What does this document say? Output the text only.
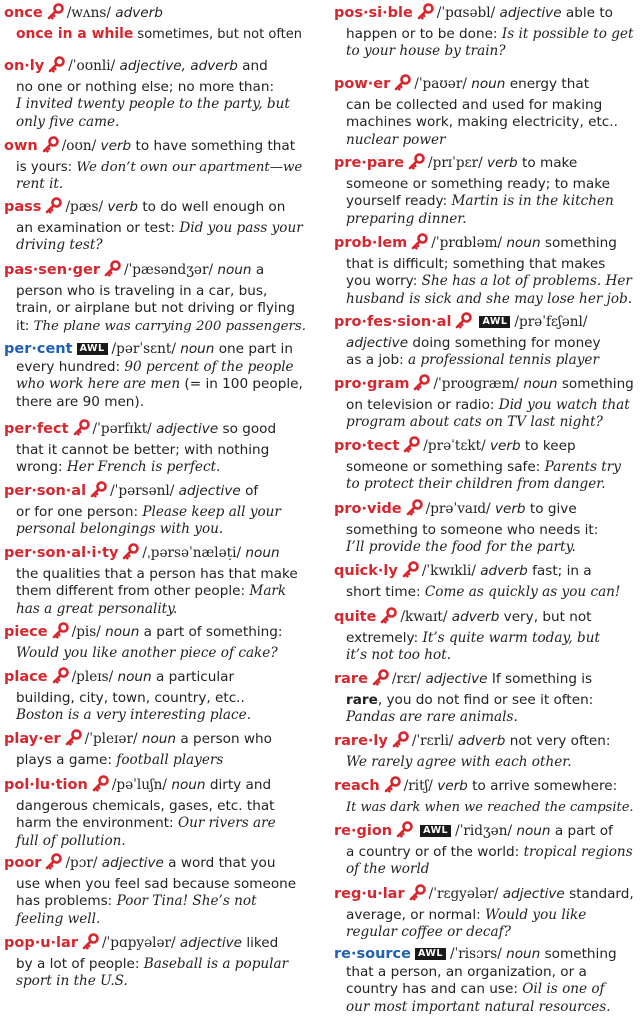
once /wʌns/ adverb
once in a while sometimes, but not often
on·ly /ˈoʊnli/ adjective, adverb and
no one or nothing else; no more than:
I invited twenty people to the party, but
only five came.
own /oʊn/ verb to have something that
is yours: We don’t own our apartment—we
rent it.
pass /pæs/ verb to do well enough on
an examination or test: Did you pass your
driving test?
pas·sen·ger /ˈpæsəndʒər/ noun a
person who is traveling in a car, bus,
train, or airplane but not driving or flying
it: The plane was carrying 200 passengers.
per·cent AWL /pərˈsɛnt/ noun one part in
every hundred: 90 percent of the people
who work here are men (= in 100 people,
there are 90 men).
per·fect /ˈpərfɪkt/ adjective so good
that it cannot be better; with nothing
wrong: Her French is perfect.
per·son·al /ˈpərsənl/ adjective of
or for one person: Please keep all your
personal belongings with you.
per·son·al·i·ty /ˌpərsəˈnæləṭi/ noun
the qualities that a person has that make
them different from other people: Mark
has a great personality.
piece /pis/ noun a part of something:
Would you like another piece of cake?
place /pleɪs/ noun a particular
building, city, town, country, etc..
Boston is a very interesting place.
play·er /ˈpleɪər/ noun a person who
plays a game: football players
pol·lu·tion /pəˈluʃn/ noun dirty and
dangerous chemicals, gases, etc. that
harm the environment: Our rivers are
full of pollution.
poor /pɔr/ adjective a word that you
use when you feel sad because someone
has problems: Poor Tina! She’s not
feeling well.
pop·u·lar /ˈpɑpyələr/ adjective liked
by a lot of people: Baseball is a popular
sport in the U.S.
pos·si·ble /ˈpɑsəbl/ adjective able to
happen or to be done: Is it possible to get
to your house by train?
pow·er /ˈpaʊər/ noun energy that
can be collected and used for making
machines work, making electricity, etc..
nuclear power
pre·pare /prɪˈpɛr/ verb to make
someone or something ready; to make
yourself ready: Martin is in the kitchen
preparing dinner.
prob·lem /ˈprɑbləm/ noun something
that is difficult; something that makes
you worry: She has a lot of problems. Her
husband is sick and she may lose her job.
pro·fes·sion·al	AWL /prəˈfɛʃənl/
adjective doing something for money
as a job: a professional tennis player
pro·gram /ˈproʊgræm/ noun something
on television or radio: Did you watch that
program about cats on TV last night?
pro·tect /prəˈtɛkt/ verb to keep
someone or something safe: Parents try
to protect their children from danger.
pro·vide /prəˈvaɪd/ verb to give
something to someone who needs it:
I’ll provide the food for the party.
quick·ly /ˈkwɪkli/ adverb fast; in a
short time: Come as quickly as you can!
quite /kwaɪt/ adverb very, but not
extremely: It’s quite warm today, but
it’s not too hot.
rare /rɛr/ adjective If something is
rare, you do not find or see it often:
Pandas are rare animals.
rare·ly /ˈrɛrli/ adverb not very often:
We rarely agree with each other.
reach /ritʃ/ verb to arrive somewhere:
It was dark when we reached the campsite.
re·gion	AWL /ˈridʒən/ noun a part of
a country or of the world: tropical regions
of the world
reg·u·lar /ˈrɛgyələr/ adjective standard,
average, or normal: Would you like
regular coffee or decaf?
re·source AWL /ˈrisɔrs/ noun something
that a person, an organization, or a
country has and can use: Oil is one of
our most important natural resources.
